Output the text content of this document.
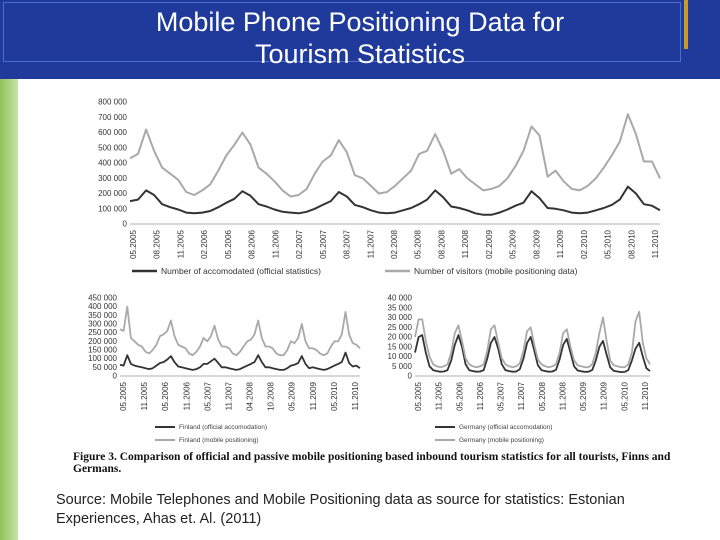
Mobile Phone Positioning Data for
Tourism Statistics
800 000
700 000
600 000
500 000
400 000
300 000
200 000
100 000
0
05.2005 08.2005 11.2005 02.2006 05.2006 08.2006 11.2006 02.2007 05.2007 08.2007 11.2007 02.2008 05.2008 08.2008 11.2008 02.2009 05.2009 08.2009 11.2009 02.2010 05.2010 08.2010 11.2010
Number of accomodated (official statistics)	Number of visitors (mobile positioning data)
450 000
400 000
350 000
300 000
250 000
200 000
150 000
100 000
50 000
0
05.2005 11.2005 05.2006 11.2006 05.2007 11.2007 04.2008 10.2008 05.2009 11.2009 05.2010 11.2010
Finland (official accomodation)
Finland (mobile positioning)
40 000
35 000
30 000
25 000
20 000
15 000
10 000
5 000
0
05.2005 11.2005 05.2006 11.2006 05.2007 11.2007 05.2008 11.2008 05.2009 11.2009 05.2010 11.2010
Germany (official accomodation)
Germany (mobile positioning)
Figure 3. Comparison of official and passive mobile positioning based inbound tourism statistics for all tourists, Finns and Germans.
Source: Mobile Telephones and Mobile Positioning data as source for statistics: Estonian Experiences, Ahas et. Al. (2011)
